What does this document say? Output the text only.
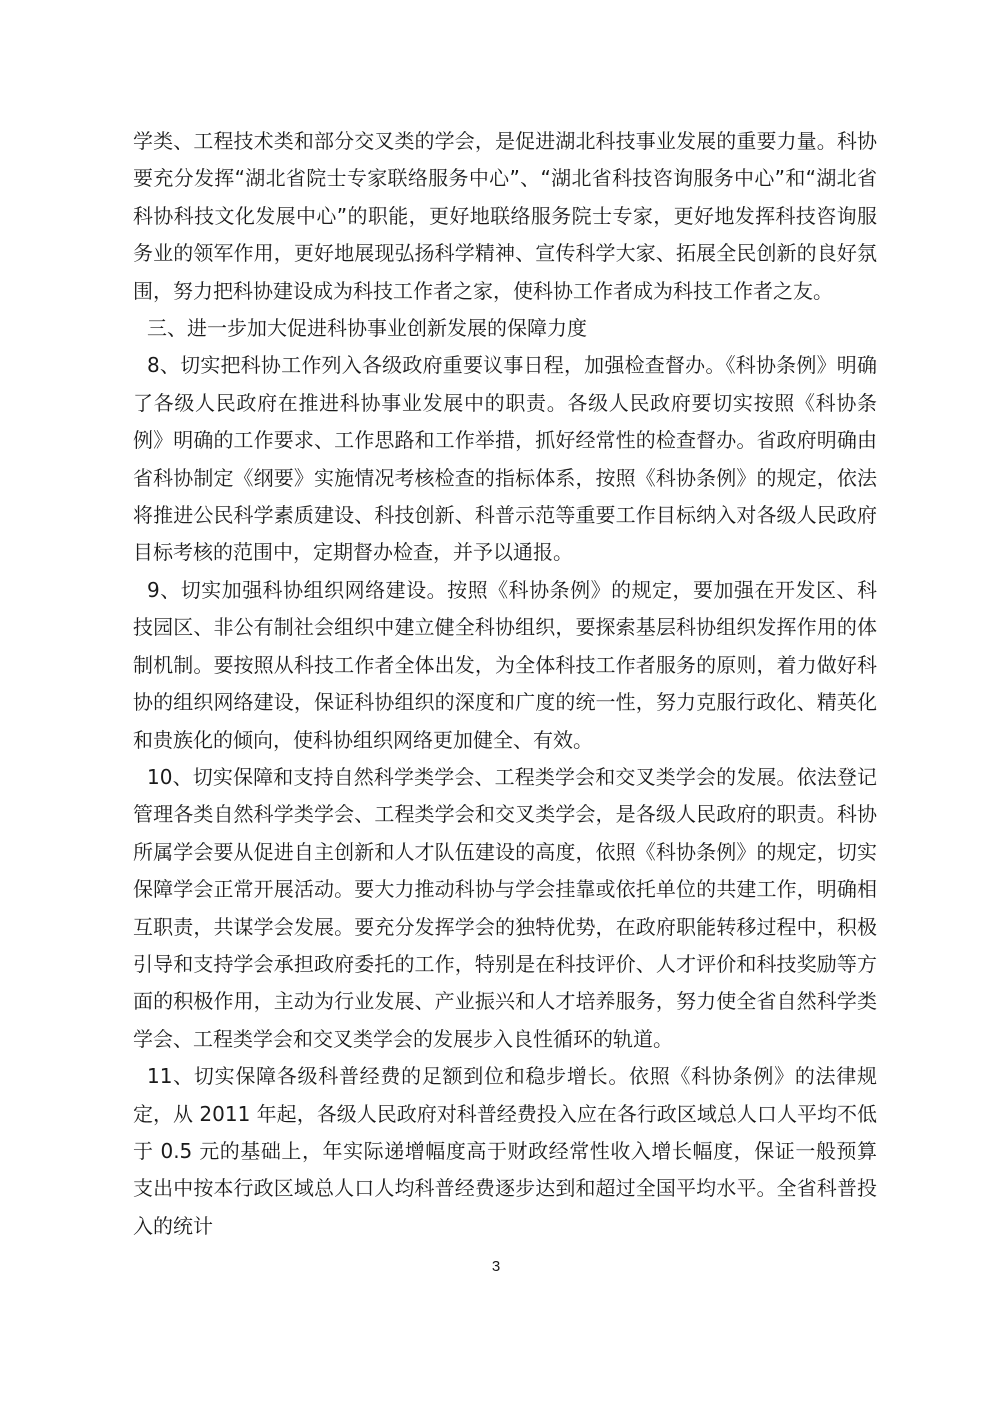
学类、工程技术类和部分交叉类的学会，是促进湖北科技事业发展的重要力量。科协要充分发挥“湖北省院士专家联络服务中心”、“湖北省科技咨询服务中心”和“湖北省科协科技文化发展中心”的职能，更好地联络服务院士专家，更好地发挥科技咨询服务业的领军作用，更好地展现弘扬科学精神、宣传科学大家、拓展全民创新的良好氛围，努力把科协建设成为科技工作者之家，使科协工作者成为科技工作者之友。

三、进一步加大促进科协事业创新发展的保障力度

8、切实把科协工作列入各级政府重要议事日程，加强检查督办。《科协条例》明确了各级人民政府在推进科协事业发展中的职责。各级人民政府要切实按照《科协条例》明确的工作要求、工作思路和工作举措，抓好经常性的检查督办。省政府明确由省科协制定《纲要》实施情况考核检查的指标体系，按照《科协条例》的规定，依法将推进公民科学素质建设、科技创新、科普示范等重要工作目标纳入对各级人民政府目标考核的范围中，定期督办检查，并予以通报。

9、切实加强科协组织网络建设。按照《科协条例》的规定，要加强在开发区、科技园区、非公有制社会组织中建立健全科协组织，要探索基层科协组织发挥作用的体制机制。要按照从科技工作者全体出发，为全体科技工作者服务的原则，着力做好科协的组织网络建设，保证科协组织的深度和广度的统一性，努力克服行政化、精英化和贵族化的倾向，使科协组织网络更加健全、有效。

10、切实保障和支持自然科学类学会、工程类学会和交叉类学会的发展。依法登记管理各类自然科学类学会、工程类学会和交叉类学会，是各级人民政府的职责。科协所属学会要从促进自主创新和人才队伍建设的高度，依照《科协条例》的规定，切实保障学会正常开展活动。要大力推动科协与学会挂靠或依托单位的共建工作，明确相互职责，共谋学会发展。要充分发挥学会的独特优势，在政府职能转移过程中，积极引导和支持学会承担政府委托的工作，特别是在科技评价、人才评价和科技奖励等方面的积极作用，主动为行业发展、产业振兴和人才培养服务，努力使全省自然科学类学会、工程类学会和交叉类学会的发展步入良性循环的轨道。

11、切实保障各级科普经费的足额到位和稳步增长。依照《科协条例》的法律规定，从 2011 年起，各级人民政府对科普经费投入应在各行政区域总人口人平均不低于 0.5 元的基础上，年实际递增幅度高于财政经常性收入增长幅度，保证一般预算支出中按本行政区域总人口人均科普经费逐步达到和超过全国平均水平。全省科普投入的统计

3
